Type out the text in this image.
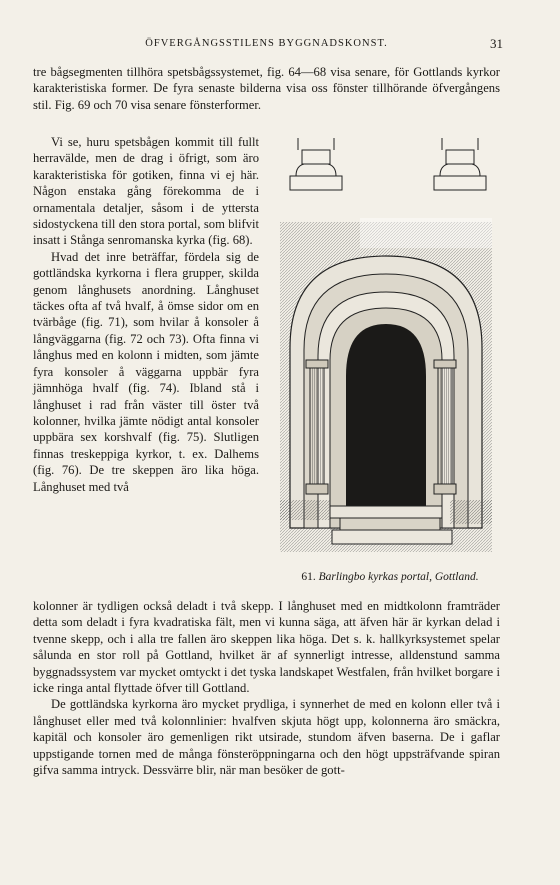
ÖFVERGÅNGSSTILENS BYGGNADSKONST.	31

tre bågsegmenten tillhöra spetsbågssystemet, fig. 64—68 visa senare, för Gottlands kyrkor karakteristiska former. De fyra senaste bilderna visa oss fönster tillhörande öfvergångens stil. Fig. 69 och 70 visa senare fönsterformer.

Vi se, huru spetsbågen kommit till fullt herravälde, men de drag i öfrigt, som äro karakteristiska för gotiken, finna vi ej här. Någon enstaka gång förekomma de i ornamentala detaljer, såsom i de yttersta sidostyckena till den stora portal, som blifvit insatt i Stånga senromanska kyrka (fig. 68).

Hvad det inre beträffar, fördela sig de gottländska kyrkorna i flera grupper, skilda genom långhusets anordning. Långhuset täckes ofta af två hvalf, å ömse sidor om en tvärbåge (fig. 71), som hvilar å konsoler å långväggarna (fig. 72 och 73). Ofta finna vi långhus med en kolonn i midten, som jämte fyra konsoler å väggarna uppbär fyra jämnhöga hvalf (fig. 74). Ibland stå i långhuset i rad från väster till öster två kolonner, hvilka jämte nödigt antal konsoler uppbära sex korshvalf (fig. 75). Slutligen finnas treskeppiga kyrkor, t. ex. Dalhems (fig. 76). De tre skeppen äro lika höga. Långhuset med två

61. Barlingbo kyrkas portal, Gottland.

kolonner är tydligen också deladt i två skepp. I långhuset med en midtkolonn framträder detta som deladt i fyra kvadratiska fält, men vi kunna säga, att äfven här är kyrkan delad i tvenne skepp, och i alla tre fallen äro skeppen lika höga. Det s. k. hallkyrksystemet spelar sålunda en stor roll på Gottland, hvilket är af synnerligt intresse, alldenstund samma byggnadssystem var mycket omtyckt i det tyska landskapet Westfalen, från hvilket borgare i icke ringa antal flyttade öfver till Gottland.

De gottländska kyrkorna äro mycket prydliga, i synnerhet de med en kolonn eller två i långhuset eller med två kolonnlinier: hvalfven skjuta högt upp, kolonnerna äro smäckra, kapitäl och konsoler äro gemenligen rikt utsirade, stundom äfven baserna. De i gaflar uppstigande tornen med de många fönsteröppningarna och den högt uppsträfvande spiran gifva samma intryck. Dessvärre blir, när man besöker de gott-
